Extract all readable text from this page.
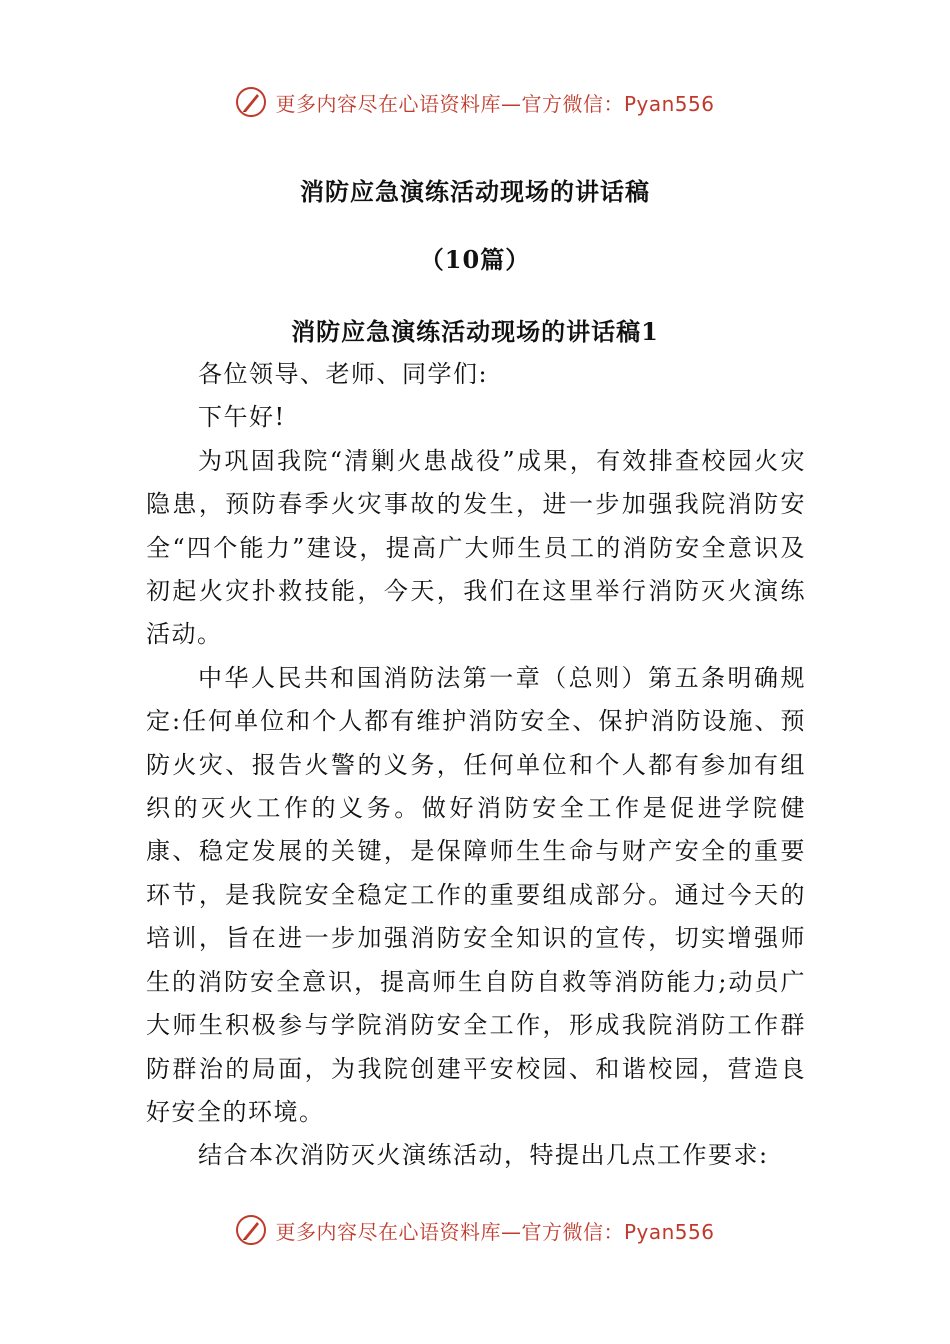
更多内容尽在心语资料库—官方微信：Pyan556
消防应急演练活动现场的讲话稿
（10篇）
消防应急演练活动现场的讲话稿1

各位领导、老师、同学们:

下午好!

为巩固我院“清剿火患战役”成果，有效排查校园火灾隐患，预防春季火灾事故的发生，进一步加强我院消防安全“四个能力”建设，提高广大师生员工的消防安全意识及初起火灾扑救技能，今天，我们在这里举行消防灭火演练活动。

中华人民共和国消防法第一章（总则）第五条明确规定:任何单位和个人都有维护消防安全、保护消防设施、预防火灾、报告火警的义务，任何单位和个人都有参加有组织的灭火工作的义务。做好消防安全工作是促进学院健康、稳定发展的关键，是保障师生生命与财产安全的重要环节，是我院安全稳定工作的重要组成部分。通过今天的培训，旨在进一步加强消防安全知识的宣传，切实增强师生的消防安全意识，提高师生自防自救等消防能力;动员广大师生积极参与学院消防安全工作，形成我院消防工作群防群治的局面，为我院创建平安校园、和谐校园，营造良好安全的环境。

结合本次消防灭火演练活动，特提出几点工作要求:

更多内容尽在心语资料库—官方微信：Pyan556
